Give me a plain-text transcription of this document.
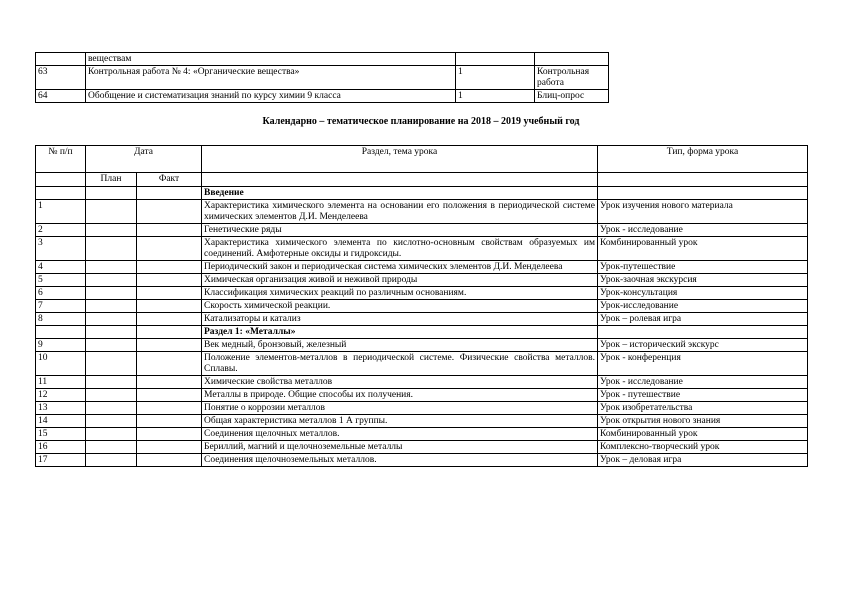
	веществам		
63	Контрольная работа № 4: «Органические вещества»	1	Контрольная работа
64	Обобщение и систематизация знаний по курсу химии 9 класса	1	Блиц-опрос
Календарно – тематическое планирование на 2018 – 2019 учебный год
№ п/п	Дата		Раздел, тема урока	Тип, форма урока
	План	Факт		
			Введение	
1			Характеристика химического элемента на основании его положения в периодической системе химических элементов Д.И. Менделеева	Урок изучения нового материала
2			Генетические ряды	Урок - исследование
3			Характеристика химического элемента по кислотно-основным свойствам образуемых им соединений. Амфотерные оксиды и гидроксиды.	Комбинированный урок
4			Периодический закон и периодическая система химических элементов Д.И. Менделеева	Урок-путешествие
5			Химическая организация живой и неживой природы	Урок-заочная экскурсия
6			Классификация химических реакций по различным основаниям.	Урок-консультация
7			Скорость химической реакции.	Урок-исследование
8			Катализаторы и катализ	Урок – ролевая игра
			Раздел 1: «Металлы»	
9			Век медный, бронзовый, железный	Урок – исторический экскурс
10			Положение элементов-металлов в периодической системе. Физические свойства металлов. Сплавы.	Урок - конференция
11			Химические свойства металлов	Урок - исследование
12			Металлы в природе. Общие способы их получения.	Урок - путешествие
13			Понятие о коррозии металлов	Урок изобретательства
14			Общая характеристика металлов 1 А группы.	Урок открытия нового знания
15			Соединения щелочных металлов.	Комбинированный урок
16			Бериллий, магний и щелочноземельные металлы	Комплексно-творческий урок
17			Соединения щелочноземельных металлов.	Урок – деловая игра
